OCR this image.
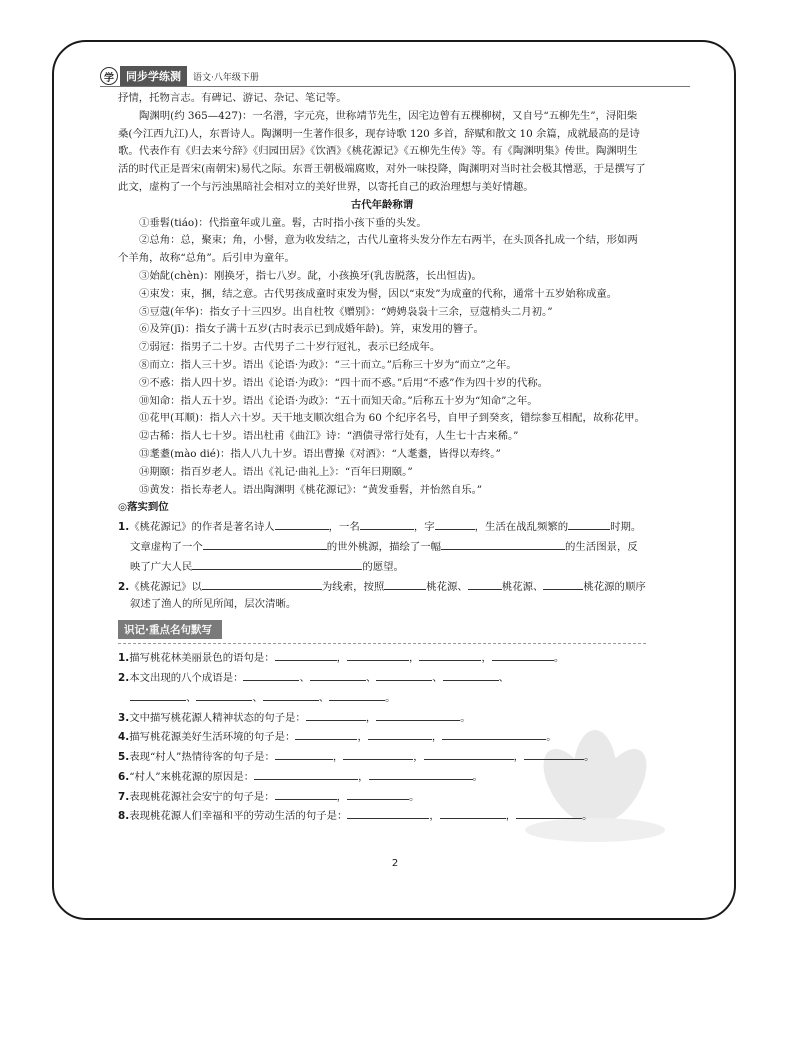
学	同步学练测	语文·八年级下册

抒情，托物言志。有碑记、游记、杂记、笔记等。

陶渊明(约 365—427)：一名潜，字元亮，世称靖节先生，因宅边曾有五棵柳树，又自号“五柳先生”，浔阳柴桑(今江西九江)人，东晋诗人。陶渊明一生著作很多，现存诗歌 120 多首，辞赋和散文 10 余篇，成就最高的是诗歌。代表作有《归去来兮辞》《归园田居》《饮酒》《桃花源记》《五柳先生传》等。有《陶渊明集》传世。陶渊明生活的时代正是晋宋(南朝宋)易代之际。东晋王朝极端腐败，对外一味投降，陶渊明对当时社会极其憎恶，于是撰写了此文，虚构了一个与污浊黑暗社会相对立的美好世界，以寄托自己的政治理想与美好情趣。

古代年龄称谓

①垂髫(tiáo)：代指童年或儿童。髫，古时指小孩下垂的头发。

②总角：总，聚束；角，小髻，意为收发结之，古代儿童将头发分作左右两半，在头顶各扎成一个结，形如两个羊角，故称“总角”。后引申为童年。

③始龀(chèn)：刚换牙，指七八岁。龀，小孩换牙(乳齿脱落，长出恒齿)。

④束发：束，捆，结之意。古代男孩成童时束发为髻，因以“束发”为成童的代称，通常十五岁始称成童。

⑤豆蔻(年华)：指女子十三四岁。出自杜牧《赠别》：“娉娉袅袅十三余，豆蔻梢头二月初。”

⑥及笄(jī)：指女子满十五岁(古时表示已到成婚年龄)。笄，束发用的簪子。

⑦弱冠：指男子二十岁。古代男子二十岁行冠礼，表示已经成年。

⑧而立：指人三十岁。语出《论语·为政》：“三十而立。”后称三十岁为“而立”之年。

⑨不惑：指人四十岁。语出《论语·为政》：“四十而不惑。”后用“不惑”作为四十岁的代称。

⑩知命：指人五十岁。语出《论语·为政》：“五十而知天命。”后称五十岁为“知命”之年。

⑪花甲(耳顺)：指人六十岁。天干地支顺次组合为 60 个纪序名号，自甲子到癸亥，错综参互相配，故称花甲。

⑫古稀：指人七十岁。语出杜甫《曲江》诗：“酒债寻常行处有，人生七十古来稀。”

⑬耄耋(mào dié)：指人八九十岁。语出曹操《对酒》：“人耄耋，皆得以寿终。”

⑭期颐：指百岁老人。语出《礼记·曲礼上》：“百年曰期颐。”

⑮黄发：指长寿老人。语出陶渊明《桃花源记》：“黄发垂髫，并怡然自乐。”

◎落实到位

1.《桃花源记》的作者是著名诗人	，一名	，字	，生活在战乱频繁的	时期。文章虚构了一个	的世外桃源，描绘了一幅	的生活图景，反映了广大人民	的愿望。

2.《桃花源记》以	为线索，按照	桃花源、	桃花源、	桃花源的顺序叙述了渔人的所见所闻，层次清晰。

识记·重点名句默写

1.描写桃花林美丽景色的语句是：	，	，	，	。

2.本文出现的八个成语是：	、	、	、	、
、	、	、	。

3.文中描写桃花源人精神状态的句子是：	，	。

4.描写桃花源美好生活环境的句子是：	，	，	。

5.表现“村人”热情待客的句子是：	，	，	，	。

6.“村人”来桃花源的原因是：	，	。

7.表现桃花源社会安宁的句子是：	，	。

8.表现桃花源人们幸福和平的劳动生活的句子是：	，	，	。

2
